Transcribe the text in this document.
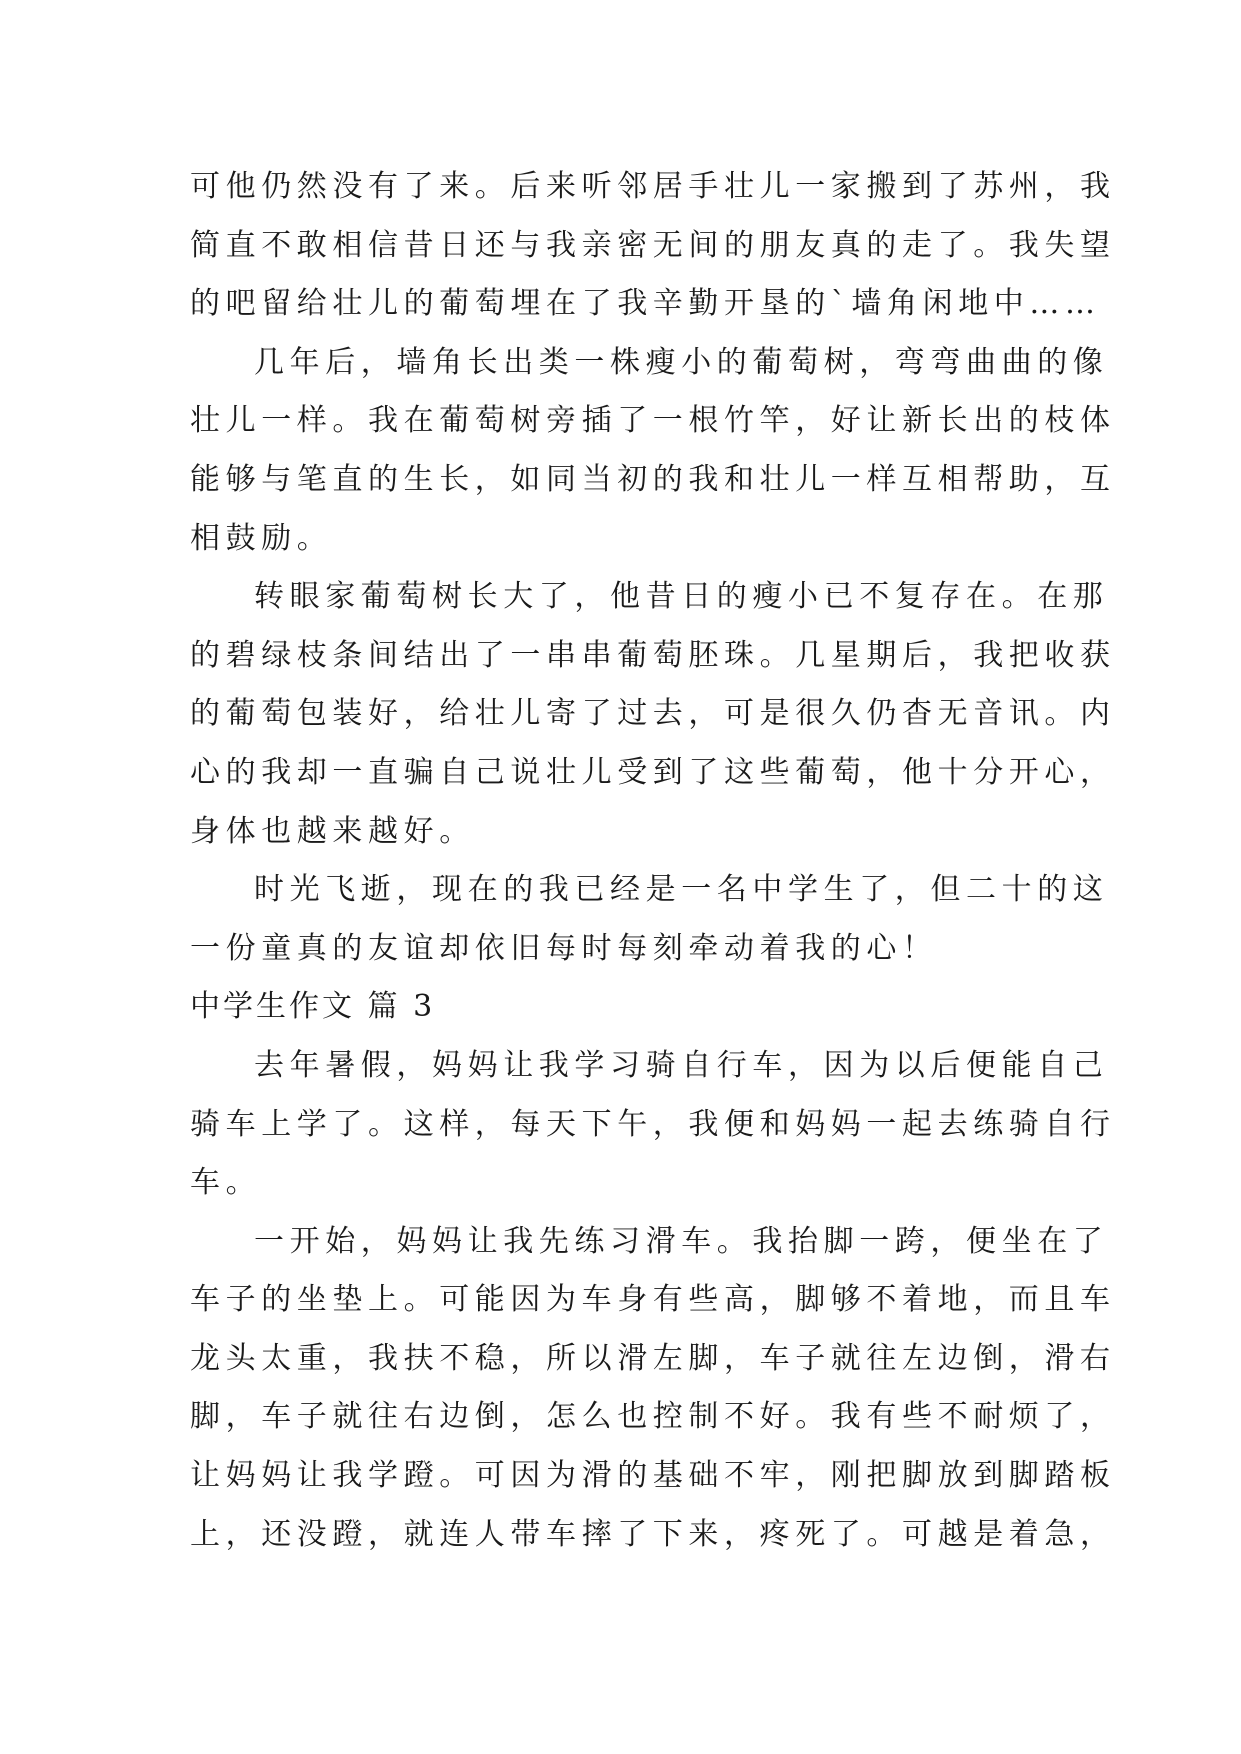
可他仍然没有了来。后来听邻居手壮儿一家搬到了苏州，我
简直不敢相信昔日还与我亲密无间的朋友真的走了。我失望
的吧留给壮儿的葡萄埋在了我辛勤开垦的`墙角闲地中……
几年后，墙角长出类一株瘦小的葡萄树，弯弯曲曲的像
壮儿一样。我在葡萄树旁插了一根竹竿，好让新长出的枝体
能够与笔直的生长，如同当初的我和壮儿一样互相帮助，互
相鼓励。
转眼家葡萄树长大了，他昔日的瘦小已不复存在。在那
的碧绿枝条间结出了一串串葡萄胚珠。几星期后，我把收获
的葡萄包装好，给壮儿寄了过去，可是很久仍杳无音讯。内
心的我却一直骗自己说壮儿受到了这些葡萄，他十分开心，
身体也越来越好。
时光飞逝，现在的我已经是一名中学生了，但二十的这
一份童真的友谊却依旧每时每刻牵动着我的心！
中学生作文 篇 3
去年暑假，妈妈让我学习骑自行车，因为以后便能自己
骑车上学了。这样，每天下午，我便和妈妈一起去练骑自行
车。
一开始，妈妈让我先练习滑车。我抬脚一跨，便坐在了
车子的坐垫上。可能因为车身有些高，脚够不着地，而且车
龙头太重，我扶不稳，所以滑左脚，车子就往左边倒，滑右
脚，车子就往右边倒，怎么也控制不好。我有些不耐烦了，
让妈妈让我学蹬。可因为滑的基础不牢，刚把脚放到脚踏板
上，还没蹬，就连人带车摔了下来，疼死了。可越是着急，
